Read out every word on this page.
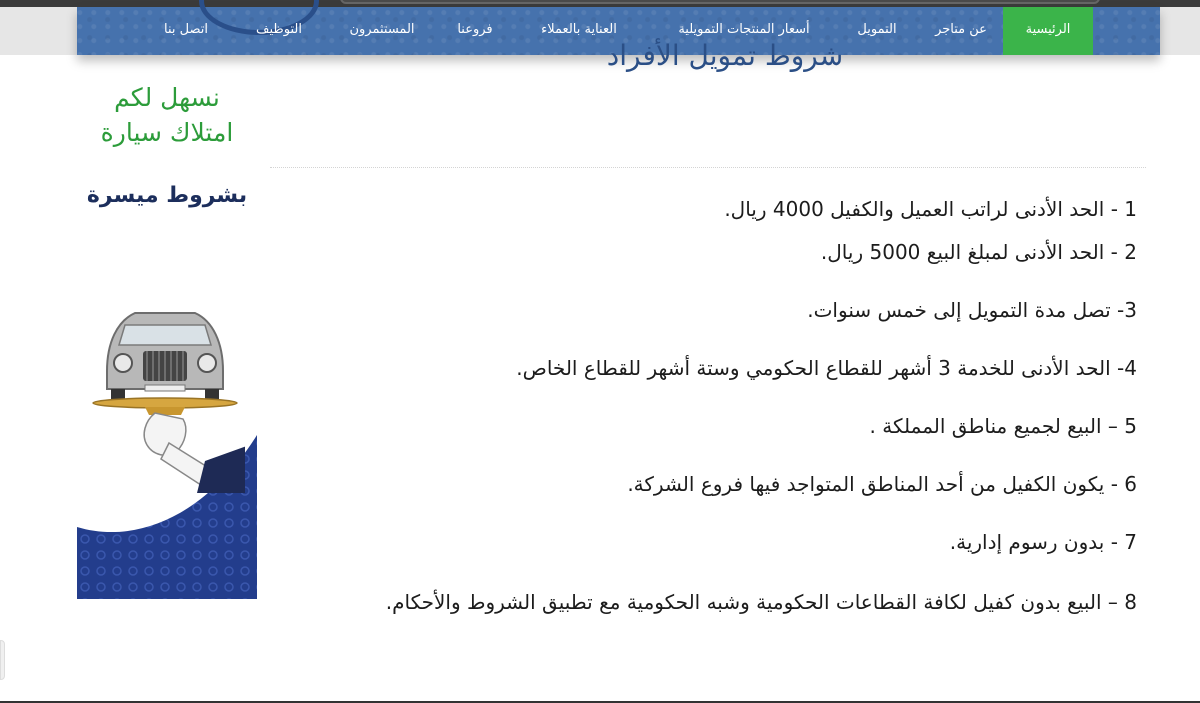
الرئيسية
عن متاجر
التمويل
أسعار المنتجات التمويلية
العناية بالعملاء
فروعنا
المستثمرون
التوظيف
اتصل بنا
شروط تمويل الأفراد
1 - الحد الأدنى لراتب العميل والكفيل 4000 ريال.
2 - الحد الأدنى لمبلغ البيع 5000 ريال.
3- تصل مدة التمويل إلى خمس سنوات.
4- الحد الأدنى للخدمة 3 أشهر للقطاع الحكومي وستة أشهر للقطاع الخاص.
5 – البيع لجميع مناطق المملكة .
6 - يكون الكفيل من أحد المناطق المتواجد فيها فروع الشركة.
7 - بدون رسوم إدارية.
8 – البيع بدون كفيل لكافة القطاعات الحكومية وشبه الحكومية مع تطبيق الشروط والأحكام.
نسهل لكم
امتلاك سيارة
بشروط ميسرة
